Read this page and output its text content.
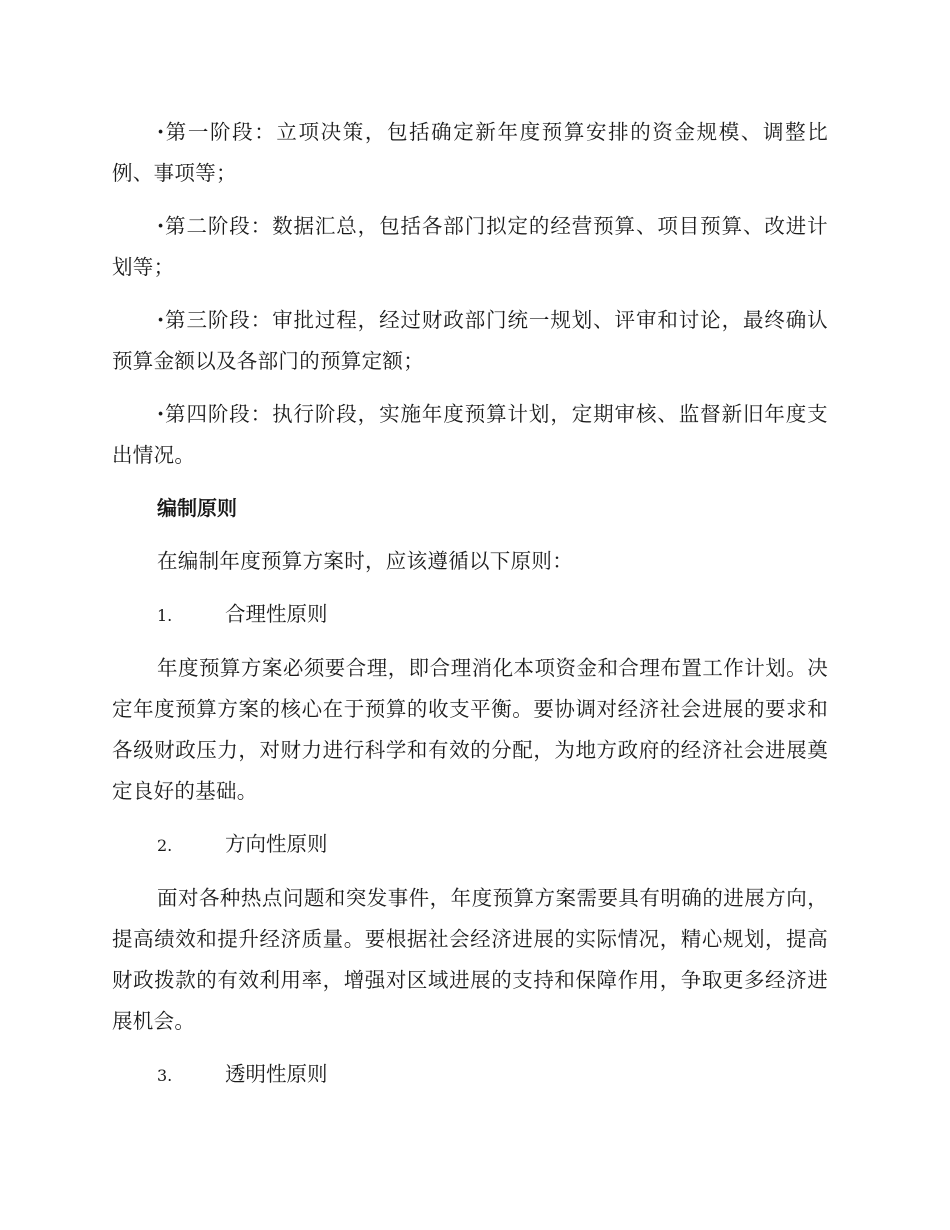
·第一阶段：立项决策，包括确定新年度预算安排的资金规模、调整比例、事项等；

·第二阶段：数据汇总，包括各部门拟定的经营预算、项目预算、改进计划等；

·第三阶段：审批过程，经过财政部门统一规划、评审和讨论，最终确认预算金额以及各部门的预算定额；

·第四阶段：执行阶段，实施年度预算计划，定期审核、监督新旧年度支出情况。

编制原则

在编制年度预算方案时，应该遵循以下原则：

1.	合理性原则

年度预算方案必须要合理，即合理消化本项资金和合理布置工作计划。决定年度预算方案的核心在于预算的收支平衡。要协调对经济社会进展的要求和各级财政压力，对财力进行科学和有效的分配，为地方政府的经济社会进展奠定良好的基础。

2.	方向性原则

面对各种热点问题和突发事件，年度预算方案需要具有明确的进展方向，提高绩效和提升经济质量。要根据社会经济进展的实际情况，精心规划，提高财政拨款的有效利用率，增强对区域进展的支持和保障作用，争取更多经济进展机会。

3.	透明性原则
